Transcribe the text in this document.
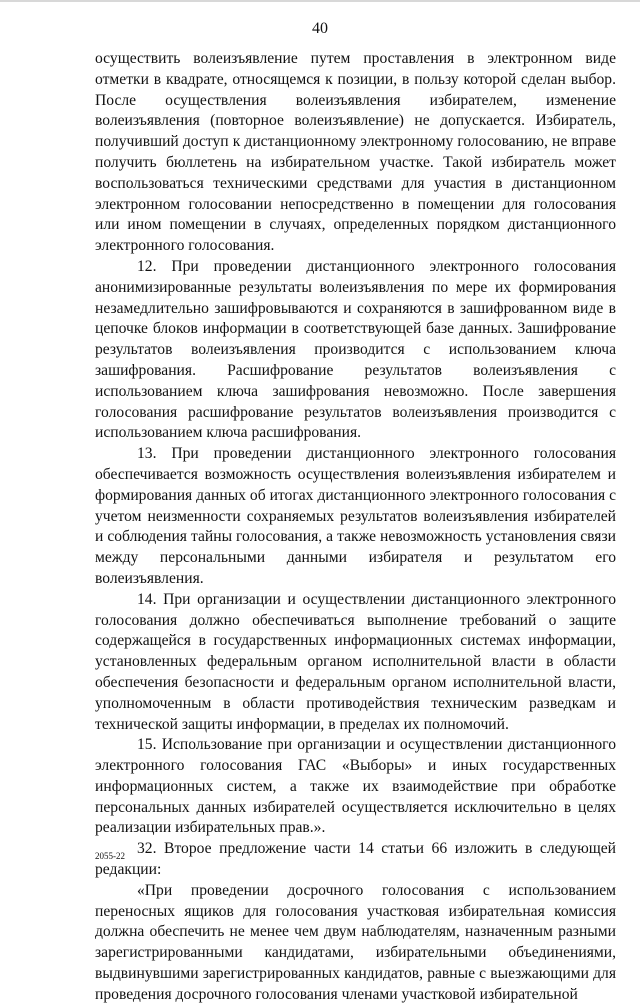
40

осуществить волеизъявление путем проставления в электронном виде отметки в квадрате, относящемся к позиции, в пользу которой сделан выбор. После осуществления волеизъявления избирателем, изменение волеизъявления (повторное волеизъявление) не допускается. Избиратель, получивший доступ к дистанционному электронному голосованию, не вправе получить бюллетень на избирательном участке. Такой избиратель может воспользоваться техническими средствами для участия в дистанционном электронном голосовании непосредственно в помещении для голосования или ином помещении в случаях, определенных порядком дистанционного электронного голосования.

12. При проведении дистанционного электронного голосования анонимизированные результаты волеизъявления по мере их формирования незамедлительно зашифровываются и сохраняются в зашифрованном виде в цепочке блоков информации в соответствующей базе данных. Зашифрование результатов волеизъявления производится с использованием ключа зашифрования. Расшифрование результатов волеизъявления с использованием ключа зашифрования невозможно. После завершения голосования расшифрование результатов волеизъявления производится с использованием ключа расшифрования.

13. При проведении дистанционного электронного голосования обеспечивается возможность осуществления волеизъявления избирателем и формирования данных об итогах дистанционного электронного голосования с учетом неизменности сохраняемых результатов волеизъявления избирателей и соблюдения тайны голосования, а также невозможность установления связи между персональными данными избирателя и результатом его волеизъявления.

14. При организации и осуществлении дистанционного электронного голосования должно обеспечиваться выполнение требований о защите содержащейся в государственных информационных системах информации, установленных федеральным органом исполнительной власти в области обеспечения безопасности и федеральным органом исполнительной власти, уполномоченным в области противодействия техническим разведкам и технической защиты информации, в пределах их полномочий.

15. Использование при организации и осуществлении дистанционного электронного голосования ГАС «Выборы» и иных государственных информационных систем, а также их взаимодействие при обработке персональных данных избирателей осуществляется исключительно в целях реализации избирательных прав.».

32. Второе предложение части 14 статьи 66 изложить в следующей редакции:

«При проведении досрочного голосования с использованием переносных ящиков для голосования участковая избирательная комиссия должна обеспечить не менее чем двум наблюдателям, назначенным разными зарегистрированными кандидатами, избирательными объединениями, выдвинувшими зарегистрированных кандидатов, равные с выезжающими для проведения досрочного голосования членами участковой избирательной

2055-22
